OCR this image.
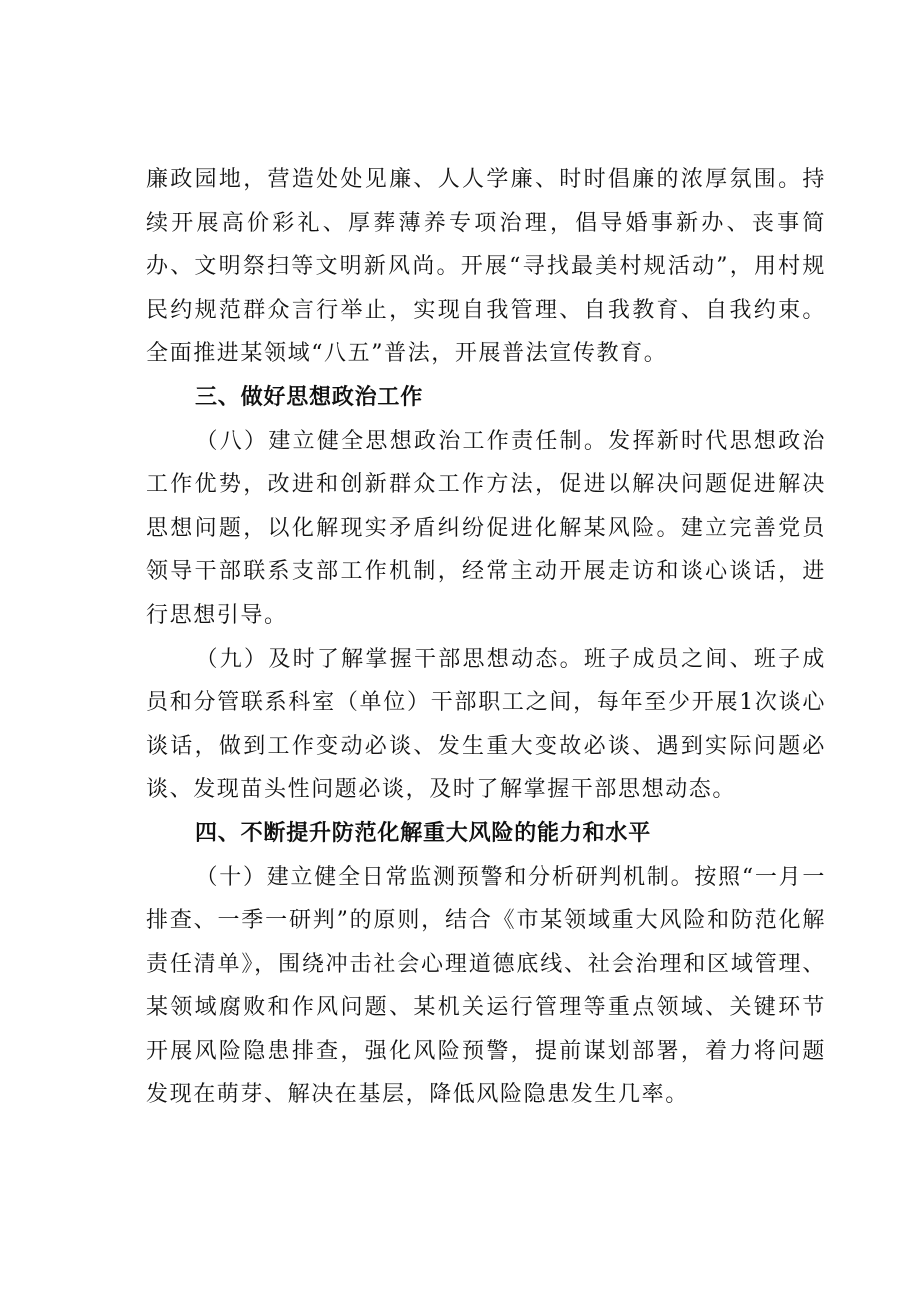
廉政园地，营造处处见廉、人人学廉、时时倡廉的浓厚氛围。持续开展高价彩礼、厚葬薄养专项治理，倡导婚事新办、丧事简办、文明祭扫等文明新风尚。开展“寻找最美村规活动”，用村规民约规范群众言行举止，实现自我管理、自我教育、自我约束。全面推进某领域“八五”普法，开展普法宣传教育。

三、做好思想政治工作

（八）建立健全思想政治工作责任制。发挥新时代思想政治工作优势，改进和创新群众工作方法，促进以解决问题促进解决思想问题，以化解现实矛盾纠纷促进化解某风险。建立完善党员领导干部联系支部工作机制，经常主动开展走访和谈心谈话，进行思想引导。

（九）及时了解掌握干部思想动态。班子成员之间、班子成员和分管联系科室（单位）干部职工之间，每年至少开展1次谈心谈话，做到工作变动必谈、发生重大变故必谈、遇到实际问题必谈、发现苗头性问题必谈，及时了解掌握干部思想动态。

四、不断提升防范化解重大风险的能力和水平

（十）建立健全日常监测预警和分析研判机制。按照“一月一排查、一季一研判”的原则，结合《市某领域重大风险和防范化解责任清单》，围绕冲击社会心理道德底线、社会治理和区域管理、某领域腐败和作风问题、某机关运行管理等重点领域、关键环节开展风险隐患排查，强化风险预警，提前谋划部署，着力将问题发现在萌芽、解决在基层，降低风险隐患发生几率。
